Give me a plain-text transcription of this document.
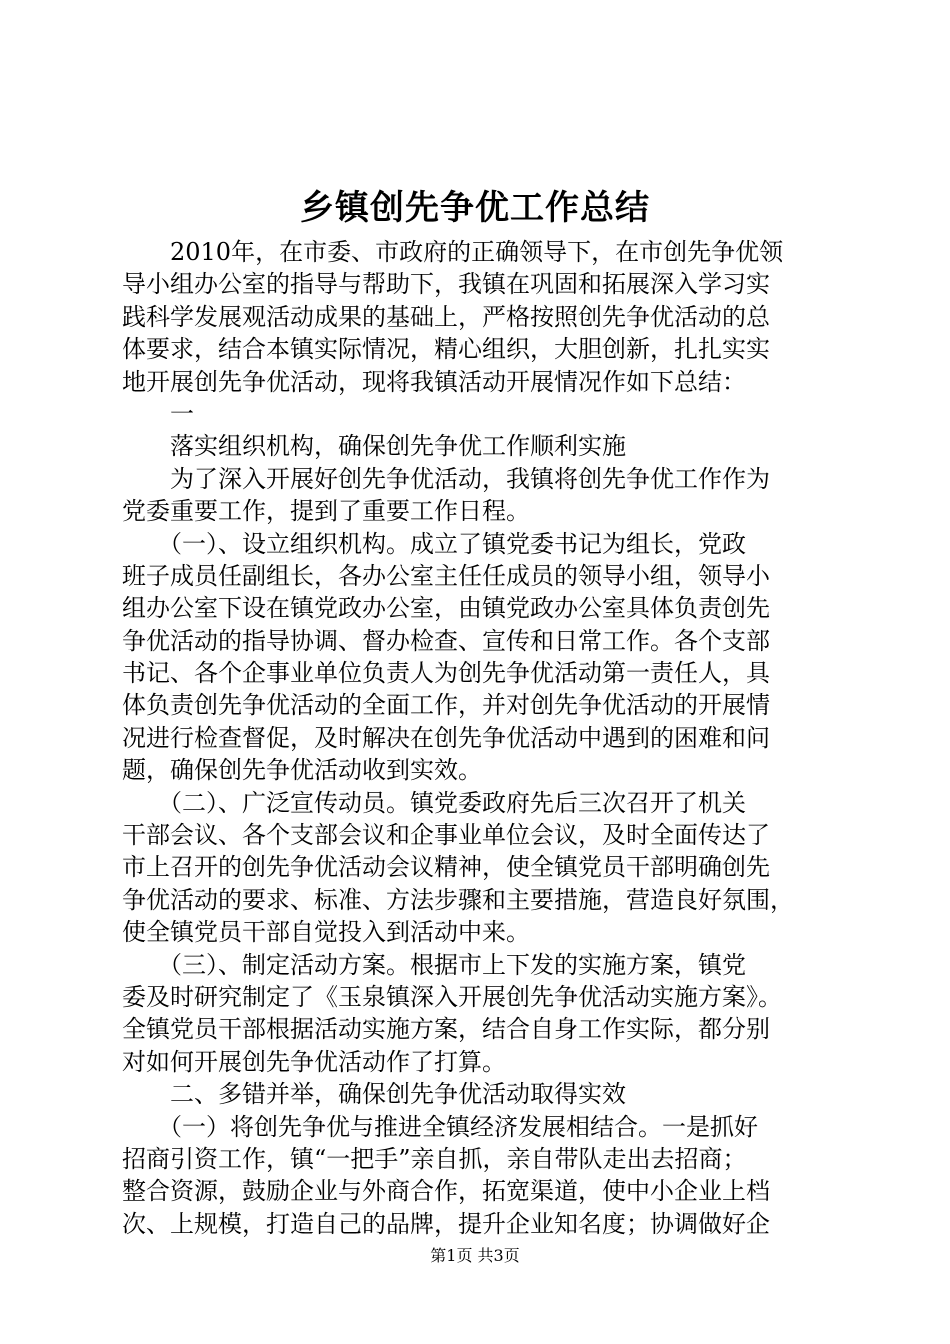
乡镇创先争优工作总结
　　2010年，在市委、市政府的正确领导下，在市创先争优领
导小组办公室的指导与帮助下，我镇在巩固和拓展深入学习实
践科学发展观活动成果的基础上，严格按照创先争优活动的总
体要求，结合本镇实际情况，精心组织，大胆创新，扎扎实实
地开展创先争优活动，现将我镇活动开展情况作如下总结：
　　一
　　落实组织机构，确保创先争优工作顺利实施
　　为了深入开展好创先争优活动，我镇将创先争优工作作为
党委重要工作，提到了重要工作日程。
　　（一）、设立组织机构。成立了镇党委书记为组长，党政
班子成员任副组长，各办公室主任任成员的领导小组，领导小
组办公室下设在镇党政办公室，由镇党政办公室具体负责创先
争优活动的指导协调、督办检查、宣传和日常工作。各个支部
书记、各个企事业单位负责人为创先争优活动第一责任人，具
体负责创先争优活动的全面工作，并对创先争优活动的开展情
况进行检查督促，及时解决在创先争优活动中遇到的困难和问
题，确保创先争优活动收到实效。
　　（二）、广泛宣传动员。镇党委政府先后三次召开了机关
干部会议、各个支部会议和企事业单位会议，及时全面传达了
市上召开的创先争优活动会议精神，使全镇党员干部明确创先
争优活动的要求、标准、方法步骤和主要措施，营造良好氛围，
使全镇党员干部自觉投入到活动中来。
　　（三）、制定活动方案。根据市上下发的实施方案，镇党
委及时研究制定了《玉泉镇深入开展创先争优活动实施方案》。
全镇党员干部根据活动实施方案，结合自身工作实际，都分别
对如何开展创先争优活动作了打算。
　　二、多错并举，确保创先争优活动取得实效
　　（一）将创先争优与推进全镇经济发展相结合。一是抓好
招商引资工作，镇“一把手”亲自抓，亲自带队走出去招商；
整合资源，鼓励企业与外商合作，拓宽渠道，使中小企业上档
次、上规模，打造自己的品牌，提升企业知名度；协调做好企
第1页 共3页
